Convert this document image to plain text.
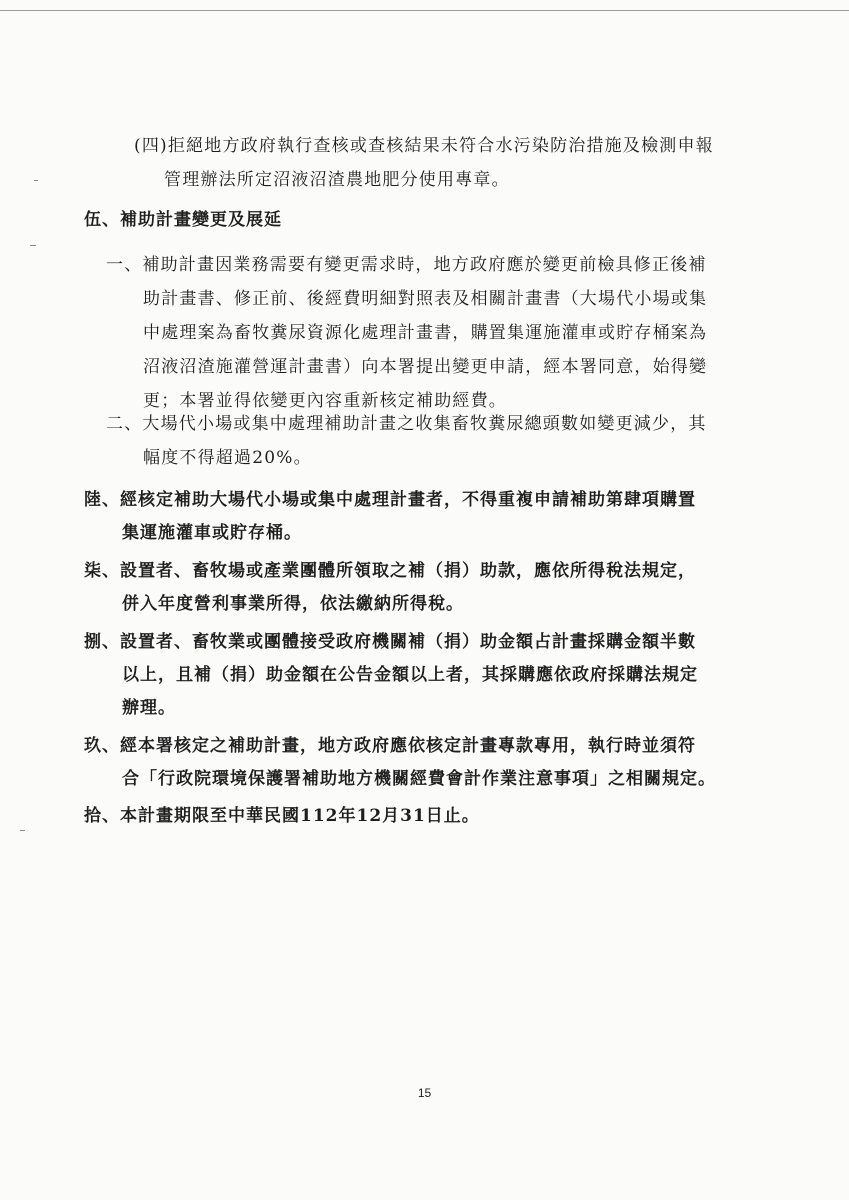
(四)拒絕地方政府執行查核或查核結果未符合水污染防治措施及檢測申報
管理辦法所定沼液沼渣農地肥分使用專章。
伍、補助計畫變更及展延
一、補助計畫因業務需要有變更需求時，地方政府應於變更前檢具修正後補
助計畫書、修正前、後經費明細對照表及相關計畫書（大場代小場或集
中處理案為畜牧糞尿資源化處理計畫書，購置集運施灌車或貯存桶案為
沼液沼渣施灌營運計畫書）向本署提出變更申請，經本署同意，始得變
更；本署並得依變更內容重新核定補助經費。
二、大場代小場或集中處理補助計畫之收集畜牧糞尿總頭數如變更減少，其
幅度不得超過20%。
陸、經核定補助大場代小場或集中處理計畫者，不得重複申請補助第肆項購置
集運施灌車或貯存桶。
柒、設置者、畜牧場或產業團體所領取之補（捐）助款，應依所得稅法規定，
併入年度營利事業所得，依法繳納所得稅。
捌、設置者、畜牧業或團體接受政府機關補（捐）助金額占計畫採購金額半數
以上，且補（捐）助金額在公告金額以上者，其採購應依政府採購法規定
辦理。
玖、經本署核定之補助計畫，地方政府應依核定計畫專款專用，執行時並須符
合「行政院環境保護署補助地方機關經費會計作業注意事項」之相關規定。
拾、本計畫期限至中華民國112年12月31日止。
15
